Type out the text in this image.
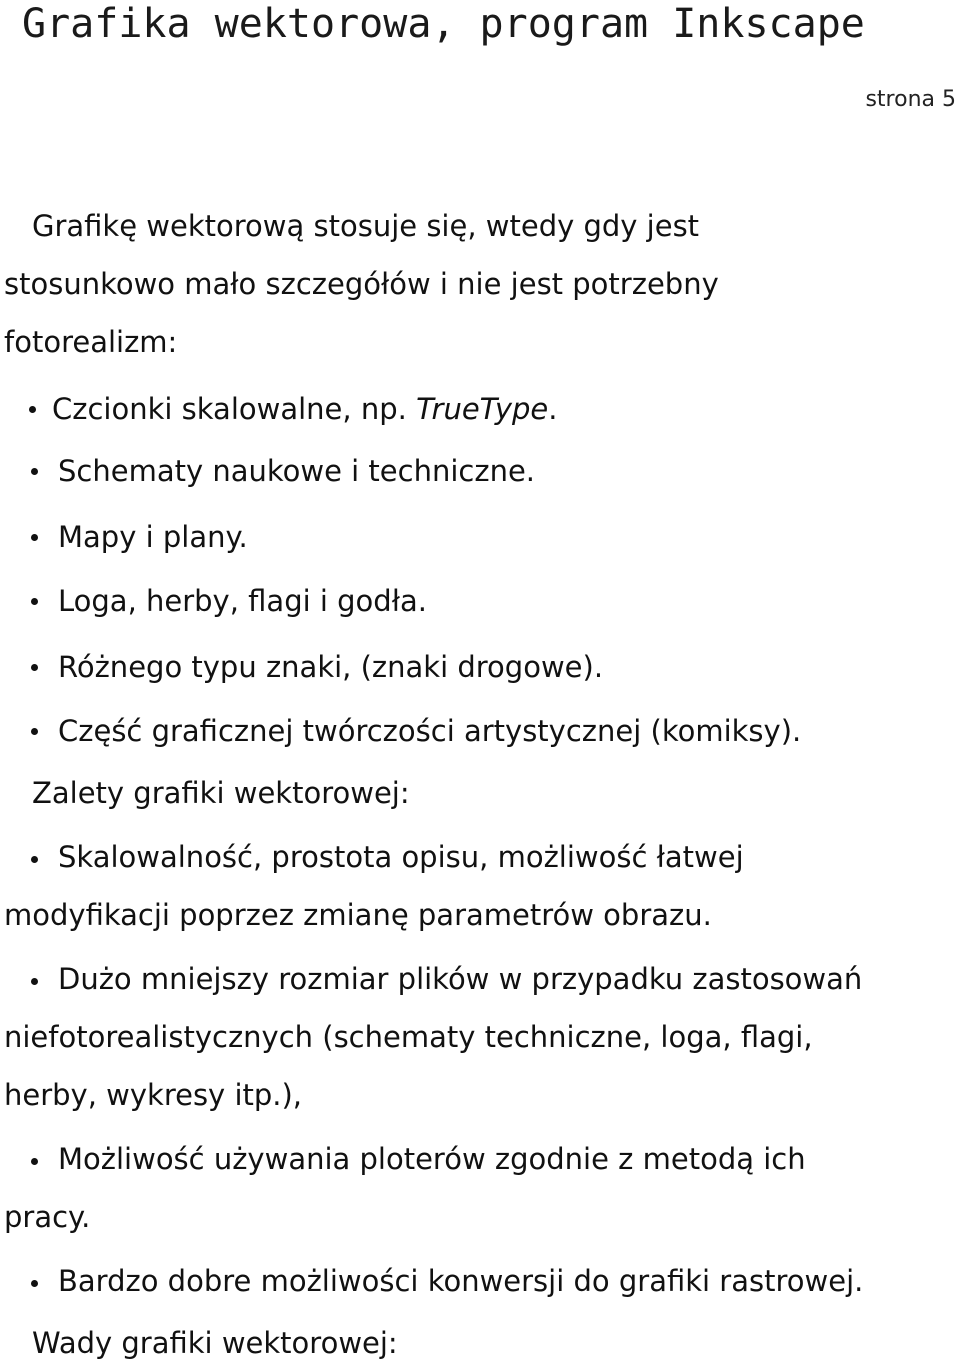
Grafika wektorowa, program Inkscape
strona 5
Grafikę wektorową stosuje się, wtedy gdy jest
stosunkowo mało szczegółów i nie jest potrzebny
fotorealizm:
Czcionki skalowalne, np. TrueType.
Schematy naukowe i techniczne.
Mapy i plany.
Loga, herby, flagi i godła.
Różnego typu znaki, (znaki drogowe).
Część graficznej twórczości artystycznej (komiksy).
Zalety grafiki wektorowej:
Skalowalność, prostota opisu, możliwość łatwej
modyfikacji poprzez zmianę parametrów obrazu.
Dużo mniejszy rozmiar plików w przypadku zastosowań
niefotorealistycznych (schematy techniczne, loga, flagi,
herby, wykresy itp.),
Możliwość używania ploterów zgodnie z metodą ich
pracy.
Bardzo dobre możliwości konwersji do grafiki rastrowej.
Wady grafiki wektorowej:
